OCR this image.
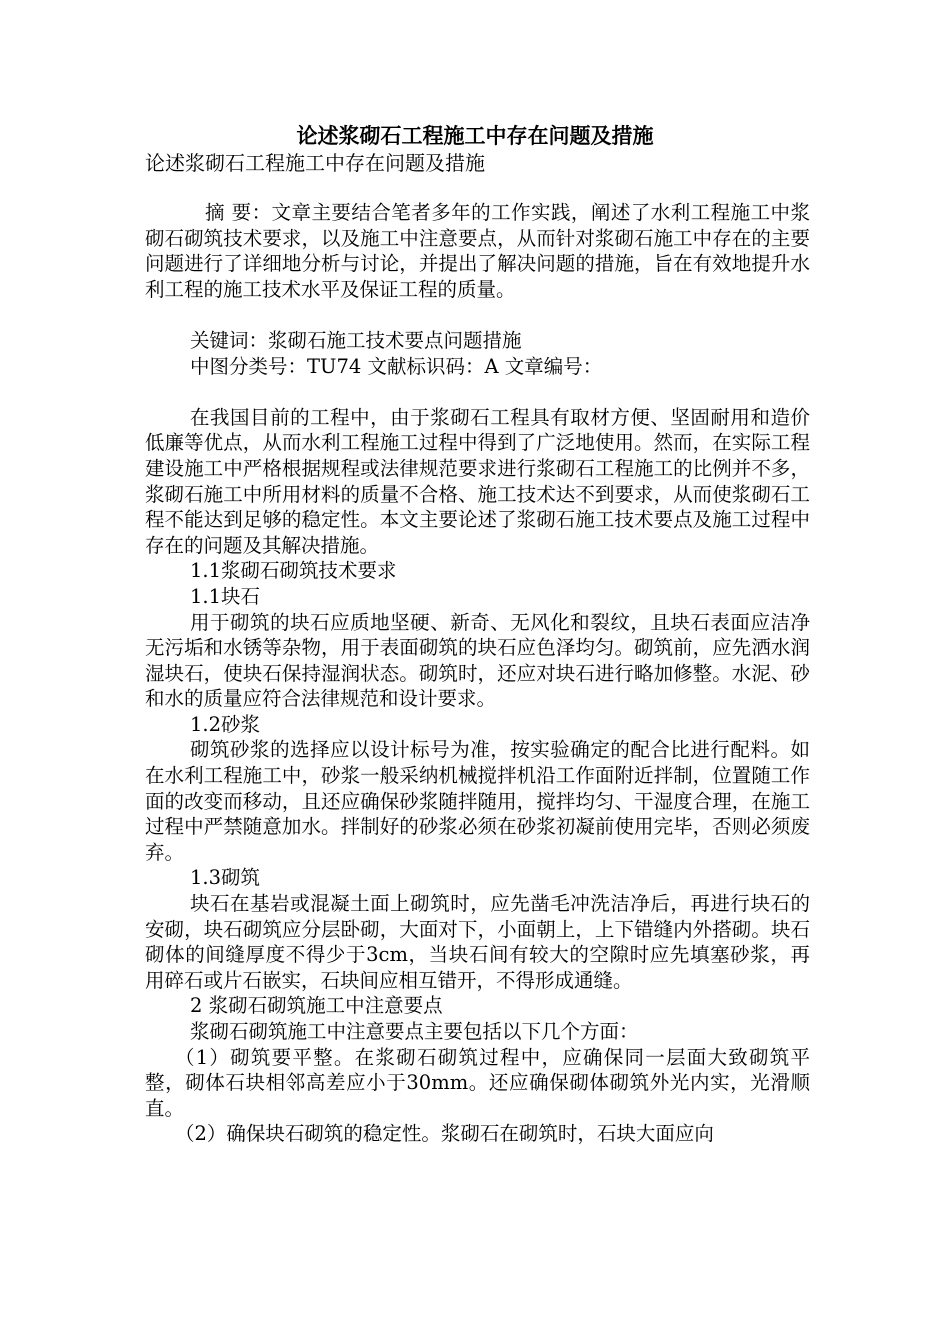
论述浆砌石工程施工中存在问题及措施
论述浆砌石工程施工中存在问题及措施

摘 要：文章主要结合笔者多年的工作实践，阐述了水利工程施工中浆砌石砌筑技术要求，以及施工中注意要点，从而针对浆砌石施工中存在的主要问题进行了详细地分析与讨论，并提出了解决问题的措施，旨在有效地提升水利工程的施工技术水平及保证工程的质量。

关键词：浆砌石施工技术要点问题措施

中图分类号：TU74 文献标识码：A 文章编号：

在我国目前的工程中，由于浆砌石工程具有取材方便、坚固耐用和造价低廉等优点，从而水利工程施工过程中得到了广泛地使用。然而，在实际工程建设施工中严格根据规程或法律规范要求进行浆砌石工程施工的比例并不多，浆砌石施工中所用材料的质量不合格、施工技术达不到要求，从而使浆砌石工程不能达到足够的稳定性。本文主要论述了浆砌石施工技术要点及施工过程中存在的问题及其解决措施。

1.1浆砌石砌筑技术要求

1.1块石

用于砌筑的块石应质地坚硬、新奇、无风化和裂纹，且块石表面应洁净无污垢和水锈等杂物，用于表面砌筑的块石应色泽均匀。砌筑前，应先洒水润湿块石，使块石保持湿润状态。砌筑时，还应对块石进行略加修整。水泥、砂和水的质量应符合法律规范和设计要求。

1.2砂浆

砌筑砂浆的选择应以设计标号为准，按实验确定的配合比进行配料。如在水利工程施工中，砂浆一般采纳机械搅拌机沿工作面附近拌制，位置随工作面的改变而移动，且还应确保砂浆随拌随用，搅拌均匀、干湿度合理，在施工过程中严禁随意加水。拌制好的砂浆必须在砂浆初凝前使用完毕，否则必须废弃。

1.3砌筑

块石在基岩或混凝土面上砌筑时，应先凿毛冲洗洁净后，再进行块石的安砌，块石砌筑应分层卧砌，大面对下，小面朝上，上下错缝内外搭砌。块石砌体的间缝厚度不得少于3cm，当块石间有较大的空隙时应先填塞砂浆，再用碎石或片石嵌实，石块间应相互错开，不得形成通缝。

2 浆砌石砌筑施工中注意要点

浆砌石砌筑施工中注意要点主要包括以下几个方面：

（1）砌筑要平整。在浆砌石砌筑过程中，应确保同一层面大致砌筑平整，砌体石块相邻高差应小于30mm。还应确保砌体砌筑外光内实，光滑顺直。

（2）确保块石砌筑的稳定性。浆砌石在砌筑时，石块大面应向
